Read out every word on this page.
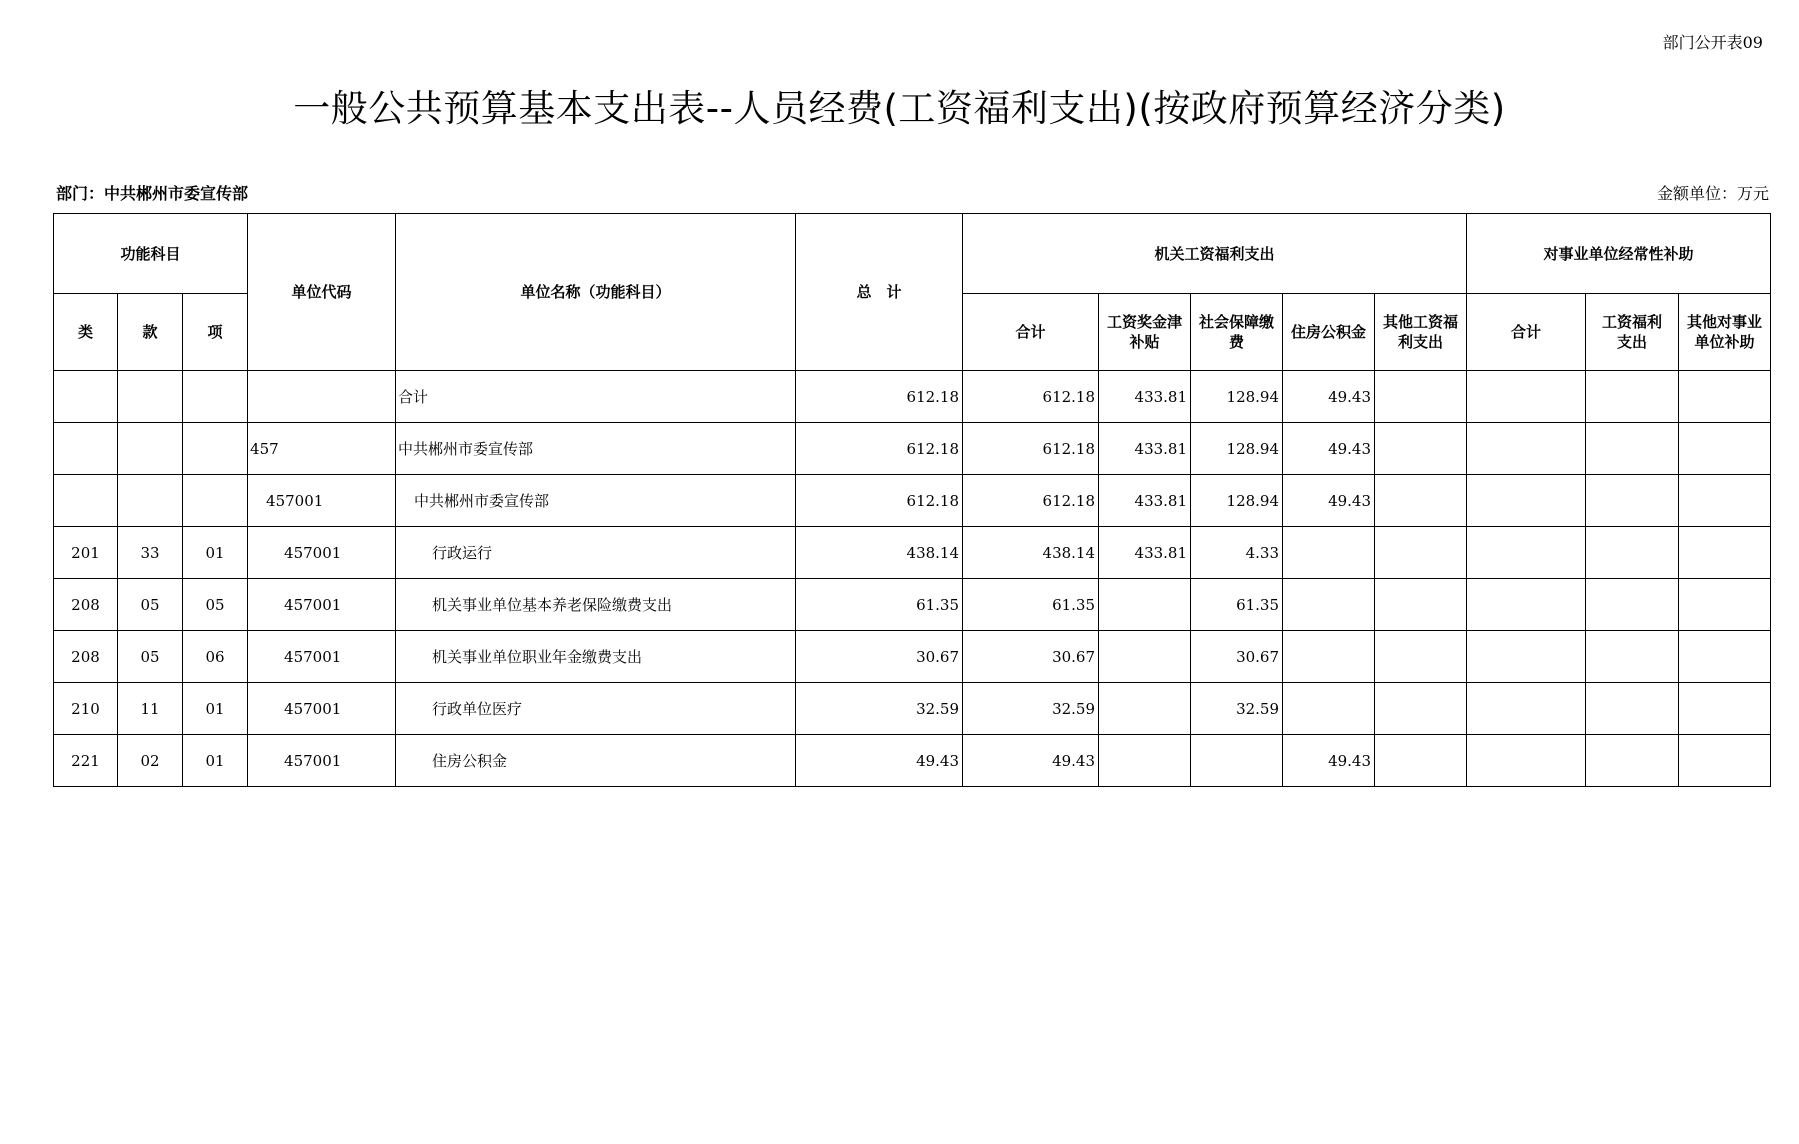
部门公开表09
一般公共预算基本支出表--人员经费(工资福利支出)(按政府预算经济分类)
部门：中共郴州市委宣传部	金额单位：万元
功能科目			单位代码	单位名称（功能科目）	总　计	机关工资福利支出					对事业单位经常性补助		
类	款	项				合计	工资奖金津补贴	社会保障缴费	住房公积金	其他工资福利支出	合计	工资福利支出	其他对事业单位补助
				合计	612.18	612.18	433.81	128.94	49.43				
			457	中共郴州市委宣传部	612.18	612.18	433.81	128.94	49.43				
			457001	中共郴州市委宣传部	612.18	612.18	433.81	128.94	49.43				
201	33	01	457001	行政运行	438.14	438.14	433.81	4.33					
208	05	05	457001	机关事业单位基本养老保险缴费支出	61.35	61.35		61.35					
208	05	06	457001	机关事业单位职业年金缴费支出	30.67	30.67		30.67					
210	11	01	457001	行政单位医疗	32.59	32.59		32.59					
221	02	01	457001	住房公积金	49.43	49.43			49.43				
